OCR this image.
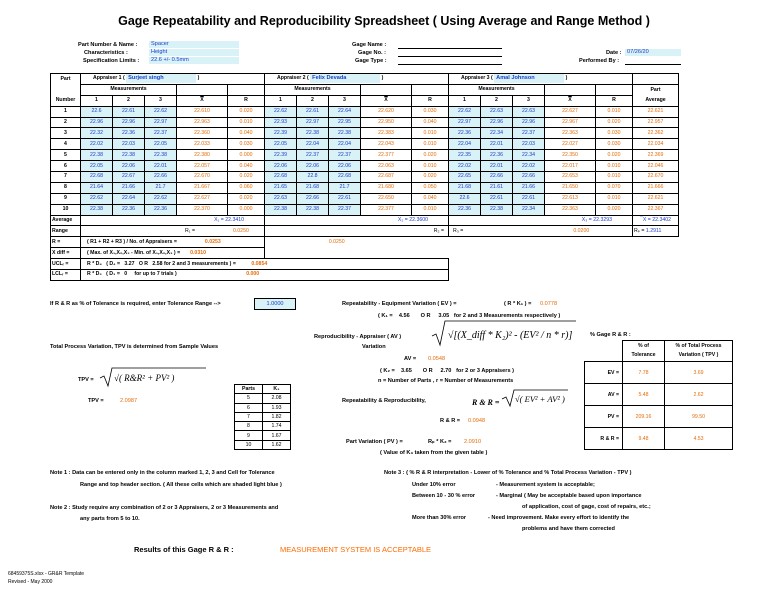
Gage Repeatability and Reproducibility Spreadsheet ( Using Average and Range Method )
Part Number & Name :	Spacer
Characteristics :	Height
Specification Limits :	22.6 +/- 0.5mm
Gage Name :
Gage No. :
Gage Type :
Date : 07/26/20
Performed By :
Part	Appraiser 1 ( Surjeet singh )					Appraiser 2 ( Felix Devada )					Appraiser 3 ( Amal Johnson )					
	Measurements					Measurements					Measurements					Part
Number	1	2	3	$\overline{X}$	R	1	2	3	$\overline{X}$	R	1	2	3	$\overline{X}$	R	Average
1	22.6	22.61	22.62	22.610	0.020	22.62	22.61	22.64	22.620	0.030	22.62	22.63	22.63	22.627	0.010	22.621
2	22.96	22.96	22.97	22.963	0.010	22.93	22.97	22.95	22.950	0.040	22.97	22.96	22.96	22.967	0.020	22.957
3	22.32	22.36	22.37	22.360	0.040	22.39	22.38	22.38	22.383	0.010	22.36	22.34	22.37	22.363	0.030	22.362
4	22.02	22.03	22.05	22.033	0.030	22.05	22.04	22.04	22.043	0.010	22.04	22.01	22.03	22.027	0.030	22.034
5	22.38	22.38	22.38	22.380	0.000	22.39	22.37	22.37	22.377	0.020	22.35	22.36	22.34	22.350	0.020	22.369
6	22.05	22.06	22.01	22.057	0.040	22.06	22.06	22.06	22.063	0.010	22.02	22.01	22.02	22.017	0.010	22.046
7	22.68	22.67	22.66	22.670	0.020	22.68	22.8	22.68	22.687	0.020	22.65	22.66	22.66	22.653	0.010	22.670
8	21.64	21.66	21.7	21.667	0.060	21.65	21.68	21.7	21.680	0.050	21.68	21.61	21.66	21.650	0.070	21.666
9	22.62	22.64	22.62	22.627	0.020	22.63	22.66	22.61	22.650	0.040	22.6	22.61	22.61	22.613	0.010	22.621
10	22.38	22.36	22.36	22.370	0.000	22.38	22.38	22.37	22.377	0.010	22.36	22.38	22.34	22.363	0.020	22.367
Average	X₁ = 22.3410					X₂ = 22.3600					X₃ = 22.3293					¯X = 22.3402
Range	R₁ = 0.0250					R₂ =					R₃ = 0.0200					Rₚ = 1.2911
R =	( R1 + R2 + R3 ) / No. of Appraisers = 0.0253					0.0250										
X diff =	( Max. of X₁,X₂,X₃ - Min. of X₁,X₂,X₃ ) = 0.0310															
UCLᵣ =	R * D₄ ( D₄ = 3.27 O R 2.58 for 2 and 3 measurements ) = 0.0854															
LCLᵣ =	R * D₃ ( D₃ = 0 for up to 7 trials ) 0.000															
If R & R as % of Tolerance is required, enter Tolerance Range -->	1.0000	Repeatability - Equipment Variation ( EV ) =	( R * K₁ ) = 0.0778
( K₁ = 4.56 O R 3.05 for 2 and 3 Measurements respectively )
Total Process Variation, TPV is determined from Sample Values
Reproducibility - Appraiser ( AV )
Variation
√[(X_diff * K₂)² - (EV² / n * r)]
AV = 0.0548
( K₂ = 3.65 O R 2.70 for 2 or 3 Appraisers )
n = Number of Parts , r = Number of Measurements
TPV = √( R&R² + PV² )
TPV =	2.0987
Parts	K₃
5	2.08
6	1.93
7	1.82
8	1.74
9	1.67
10	1.62
Repeatability & Reproducibility,	R & R = √( EV² + AV² )
R & R = 0.0948
Part Variation ( PV ) =	Rₚ * K₃ = 2.0910
( Value of K₃ taken from the given table )
% Gage R & R :
	% of
Tolerance	% of Total Process
Variation ( TPV )
EV =	7.78	3.69
AV =	5.48	2.62
PV =	209.16	99.50
R & R =	9.48	4.53
Note 1 : Data can be entered only in the column marked 1, 2, 3 and Cell for Tolerance
Range and top header section. ( All these cells which are shaded light blue )
Note 2 : Study require any combination of 2 or 3 Appraisers, 2 or 3 Measurements and
any parts from 5 to 10.
Note 3 : ( % R & R interpretation - Lower of % Tolerance and % Total Process Variation - TPV )
Under 10% error	- Measurement system is acceptable;
Between 10 - 30 % error	- Marginal ( May be acceptable based upon importance
of application, cost of gage, cost of repairs, etc.;
More than 30% error	- Need improvement. Make every effort to identify the
problems and have them corrected
Results of this Gage R & R :	MEASUREMENT SYSTEM IS ACCEPTABLE
68459375S.xlsx - GR&R Template
Revised - May 2000
